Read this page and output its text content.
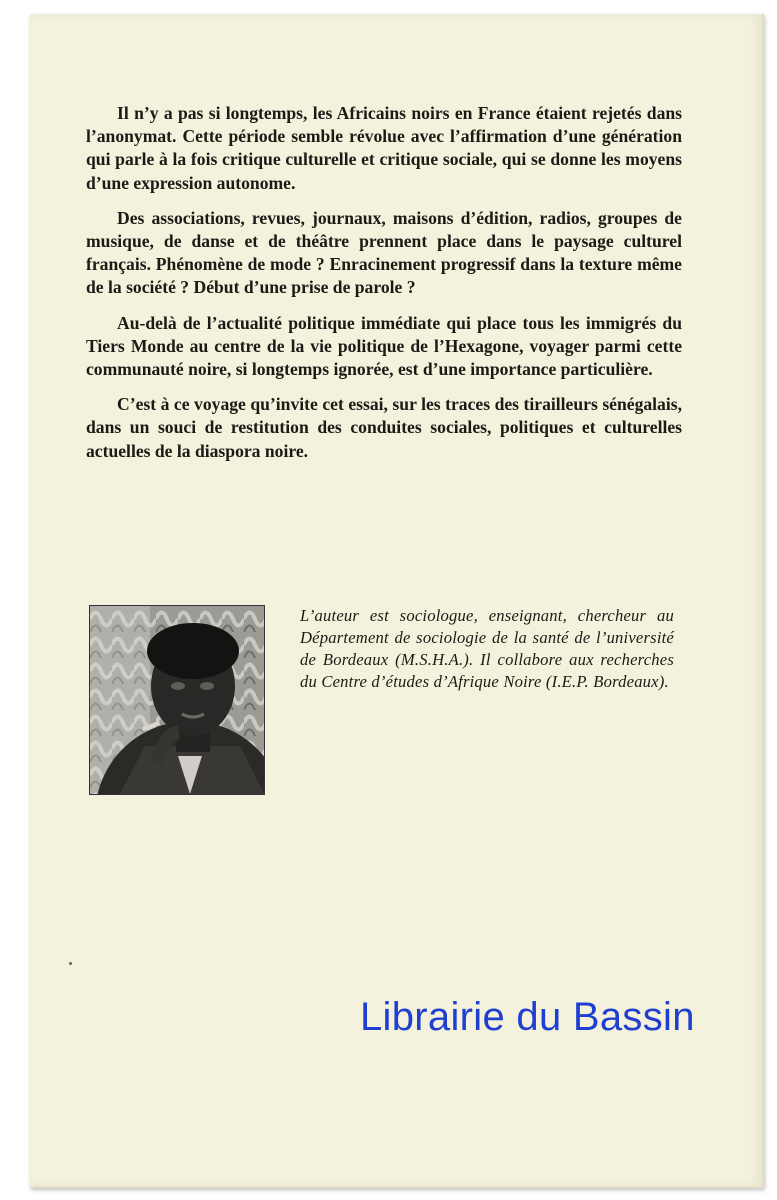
Il n’y a pas si longtemps, les Africains noirs en France étaient rejetés dans l’anonymat. Cette période semble révolue avec l’affirmation d’une génération qui parle à la fois critique culturelle et critique sociale, qui se donne les moyens d’une expression autonome.

Des associations, revues, journaux, maisons d’édition, radios, groupes de musique, de danse et de théâtre prennent place dans le paysage culturel français. Phénomène de mode ? Enracinement progressif dans la texture même de la société ? Début d’une prise de parole ?

Au-delà de l’actualité politique immédiate qui place tous les immigrés du Tiers Monde au centre de la vie politique de l’Hexagone, voyager parmi cette communauté noire, si longtemps ignorée, est d’une importance particulière.

C’est à ce voyage qu’invite cet essai, sur les traces des tirailleurs sénégalais, dans un souci de restitution des conduites sociales, politiques et culturelles actuelles de la diaspora noire.

L’auteur est sociologue, enseignant, chercheur au Département de sociologie de la santé de l’université de Bordeaux (M.S.H.A.). Il collabore aux recherches du Centre d’études d’Afrique Noire (I.E.P. Bordeaux).
Librairie du Bassin
